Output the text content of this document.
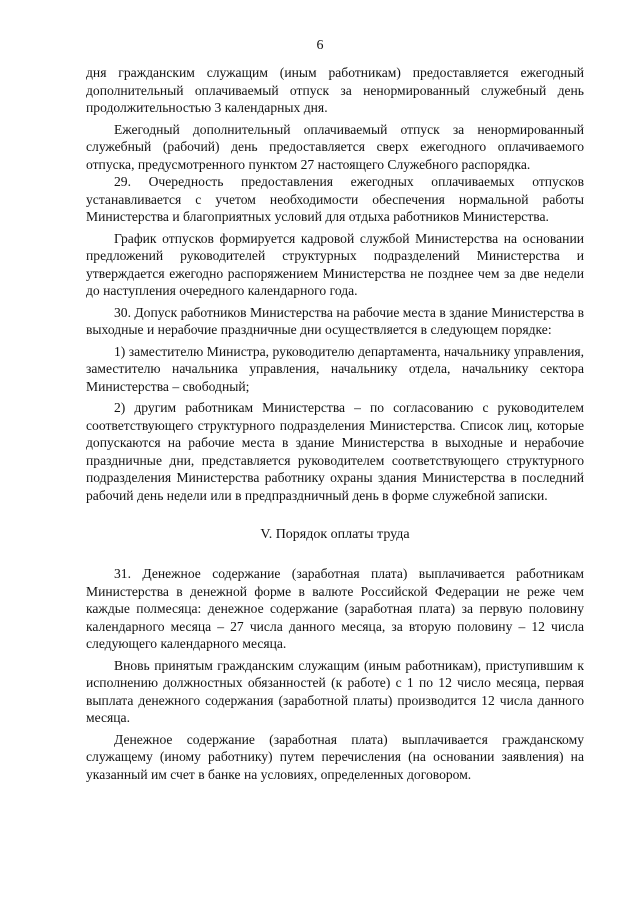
6

дня гражданским служащим (иным работникам) предоставляется ежегодный дополнительный оплачиваемый отпуск за ненормированный служебный день продолжительностью 3 календарных дня.

Ежегодный дополнительный оплачиваемый отпуск за ненормированный служебный (рабочий) день предоставляется сверх ежегодного оплачиваемого отпуска, предусмотренного пунктом 27 настоящего Служебного распорядка.

29. Очередность предоставления ежегодных оплачиваемых отпусков устанавливается с учетом необходимости обеспечения нормальной работы Министерства и благоприятных условий для отдыха работников Министерства.

График отпусков формируется кадровой службой Министерства на основании предложений руководителей структурных подразделений Министерства и утверждается ежегодно распоряжением Министерства не позднее чем за две недели до наступления очередного календарного года.

30. Допуск работников Министерства на рабочие места в здание Министерства в выходные и нерабочие праздничные дни осуществляется в следующем порядке:

1) заместителю Министра, руководителю департамента, начальнику управления, заместителю начальника управления, начальнику отдела, начальнику сектора Министерства – свободный;

2) другим работникам Министерства – по согласованию с руководителем соответствующего структурного подразделения Министерства. Список лиц, которые допускаются на рабочие места в здание Министерства в выходные и нерабочие праздничные дни, представляется руководителем соответствующего структурного подразделения Министерства работнику охраны здания Министерства в последний рабочий день недели или в предпраздничный день в форме служебной записки.

V. Порядок оплаты труда

31. Денежное содержание (заработная плата) выплачивается работникам Министерства в денежной форме в валюте Российской Федерации не реже чем каждые полмесяца: денежное содержание (заработная плата) за первую половину календарного месяца – 27 числа данного месяца, за вторую половину – 12 числа следующего календарного месяца.

Вновь принятым гражданским служащим (иным работникам), приступившим к исполнению должностных обязанностей (к работе) с 1 по 12 число месяца, первая выплата денежного содержания (заработной платы) производится 12 числа данного месяца.

Денежное содержание (заработная плата) выплачивается гражданскому служащему (иному работнику) путем перечисления (на основании заявления) на указанный им счет в банке на условиях, определенных договором.
